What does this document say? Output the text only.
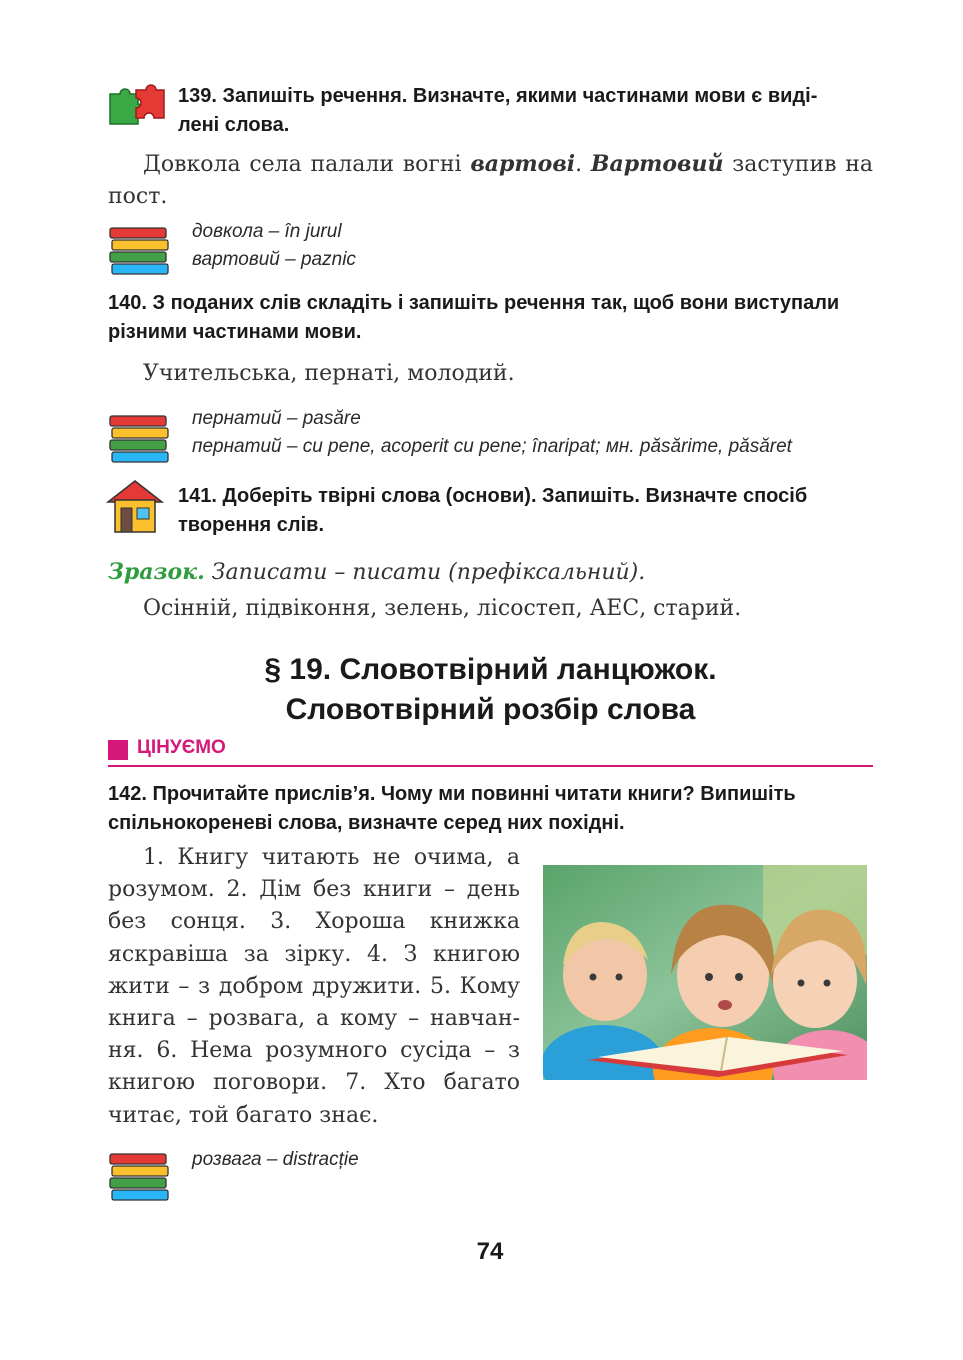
139. Запишіть речення. Визначте, якими частинами мови є виді-
лені слова.
Довкола села палали вогні вартові. Вартовий заступив на пост.
довкола – în jurul
вартовий – paznic
140. З поданих слів складіть і запишіть речення так, щоб вони виступали
різними частинами мови.
Учительська, пернаті, молодий.
пернатий – pasăre
пернатий – cu pene, acoperit cu pene; înaripat; мн. păsărime, păsăret
141. Доберіть твірні слова (основи). Запишіть. Визначте спосіб
творення слів.
Зразок. Записати – писати (префіксальний).
Осінній, підвіконня, зелень, лісостеп, АЕС, старий.
§ 19. Словотвірний ланцюжок.
Словотвірний розбір слова
ЦІНУЄМО
142. Прочитайте прислів’я. Чому ми повинні читати книги? Випишіть
спільнокореневі слова, визначте серед них похідні.
1. Книгу читають не очима, а розумом. 2. Дім без книги – день без сонця. 3. Хороша книжка яскравіша за зірку. 4. З книгою жити – з добром дружити. 5. Кому книга – розвага, а кому – навчання. 6. Нема розумного сусіда – з книгою поговори. 7. Хто багато читає, той багато знає.
розвага – distracție
74
